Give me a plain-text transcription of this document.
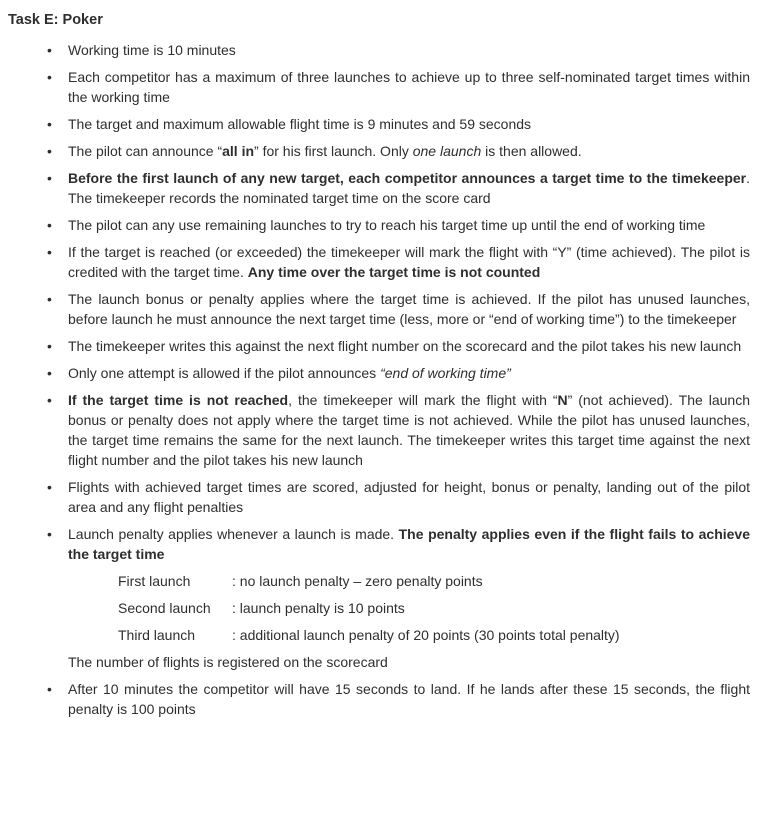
Task E: Poker
• Working time is 10 minutes
• Each competitor has a maximum of three launches to achieve up to three self-nominated target times within the working time
• The target and maximum allowable flight time is 9 minutes and 59 seconds
• The pilot can announce “all in” for his first launch. Only one launch is then allowed.
• Before the first launch of any new target, each competitor announces a target time to the timekeeper. The timekeeper records the nominated target time on the score card
• The pilot can any use remaining launches to try to reach his target time up until the end of working time
• If the target is reached (or exceeded) the timekeeper will mark the flight with “Y” (time achieved). The pilot is credited with the target time. Any time over the target time is not counted
• The launch bonus or penalty applies where the target time is achieved. If the pilot has unused launches, before launch he must announce the next target time (less, more or “end of working time”) to the timekeeper
• The timekeeper writes this against the next flight number on the scorecard and the pilot takes his new launch
• Only one attempt is allowed if the pilot announces “end of working time”
• If the target time is not reached, the timekeeper will mark the flight with “N” (not achieved). The launch bonus or penalty does not apply where the target time is not achieved. While the pilot has unused launches, the target time remains the same for the next launch. The timekeeper writes this target time against the next flight number and the pilot takes his new launch
• Flights with achieved target times are scored, adjusted for height, bonus or penalty, landing out of the pilot area and any flight penalties
• Launch penalty applies whenever a launch is made. The penalty applies even if the flight fails to achieve the target time
First launch	: no launch penalty – zero penalty points
Second launch : launch penalty is 10 points
Third launch	: additional launch penalty of 20 points (30 points total penalty)
The number of flights is registered on the scorecard
• After 10 minutes the competitor will have 15 seconds to land. If he lands after these 15 seconds, the flight penalty is 100 points
